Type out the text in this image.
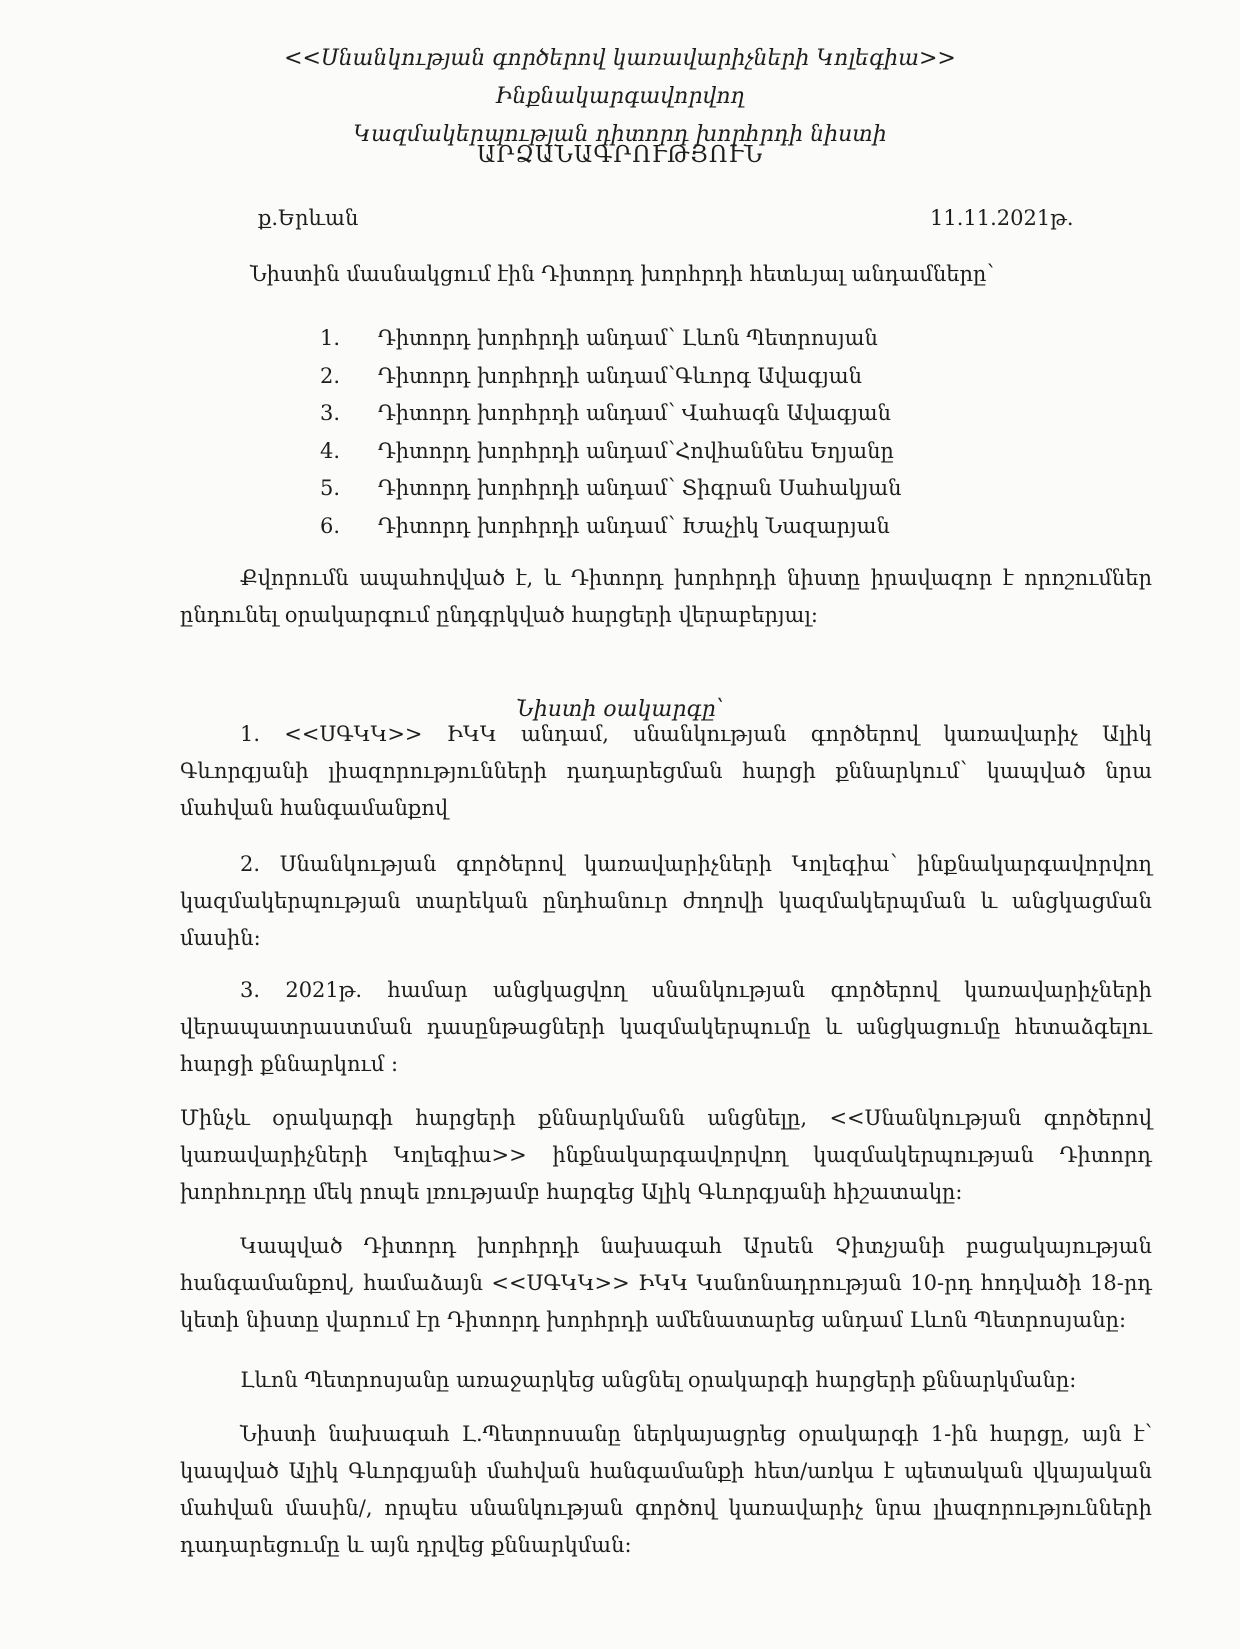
<<Սնանկության գործերով կառավարիչների Կոլեգիա>> Ինքնակարգավորվող
Կազմակերպության դիտորդ խորհրդի նիստի
ԱՐՁԱՆԱԳՐՈՒԹՅՈՒՆ
ք.Երևան	11.11.2021թ.
Նիստին մասնակցում էին Դիտորդ խորհրդի հետևյալ անդամները՝
1. Դիտորդ խորհրդի անդամ՝ Լևոն Պետրոսյան
2. Դիտորդ խորհրդի անդամ՝Գևորգ Ավագյան
3. Դիտորդ խորհրդի անդամ՝ Վահագն Ավագյան
4. Դիտորդ խորհրդի անդամ՝Հովհաննես Եղյանը
5. Դիտորդ խորհրդի անդամ՝ Տիգրան Սահակյան
6. Դիտորդ խորհրդի անդամ՝ Խաչիկ Նազարյան
Քվորումն ապահովված է, և Դիտորդ խորհրդի նիստը իրավազոր է որոշումներ ընդունել օրակարգում ընդգրկված հարցերի վերաբերյալ:
Նիստի օակարգը՝
1. <<ՍԳԿԿ>> ԻԿԿ անդամ, սնանկության գործերով կառավարիչ Ալիկ Գևորգյանի լիազորությունների դադարեցման հարցի քննարկում՝ կապված նրա մահվան հանգամանքով
2. Սնանկության գործերով կառավարիչների Կոլեգիա՝ ինքնակարգավորվող կազմակերպության տարեկան ընդհանուր ժողովի կազմակերպման և անցկացման մասին:
3. 2021թ. համար անցկացվող սնանկության գործերով կառավարիչների վերապատրաստման դասընթացների կազմակերպումը և անցկացումը հետաձգելու հարցի քննարկում :
Մինչև օրակարգի հարցերի քննարկմանն անցնելը, <<Սնանկության գործերով կառավարիչների Կոլեգիա>> ինքնակարգավորվող կազմակերպության Դիտորդ խորհուրդը մեկ րոպե լռությամբ հարգեց Ալիկ Գևորգյանի հիշատակը:
Կապված Դիտորդ խորհրդի նախագահ Արսեն Չիտչյանի բացակայության հանգամանքով, համաձայն <<ՍԳԿԿ>> ԻԿԿ Կանոնադրության 10-րդ հոդվածի 18-րդ կետի նիստը վարում էր Դիտորդ խորհրդի ամենատարեց անդամ Լևոն Պետրոսյանը:
Լևոն Պետրոսյանը առաջարկեց անցնել օրակարգի հարցերի քննարկմանը:
Նիստի նախագահ Լ.Պետրոսանը ներկայացրեց օրակարգի 1-ին հարցը, այն է՝ կապված Ալիկ Գևորգյանի մահվան հանգամանքի հետ/առկա է պետական վկայական մահվան մասին/, որպես սնանկության գործով կառավարիչ նրա լիազորությունների դադարեցումը և այն դրվեց քննարկման:
